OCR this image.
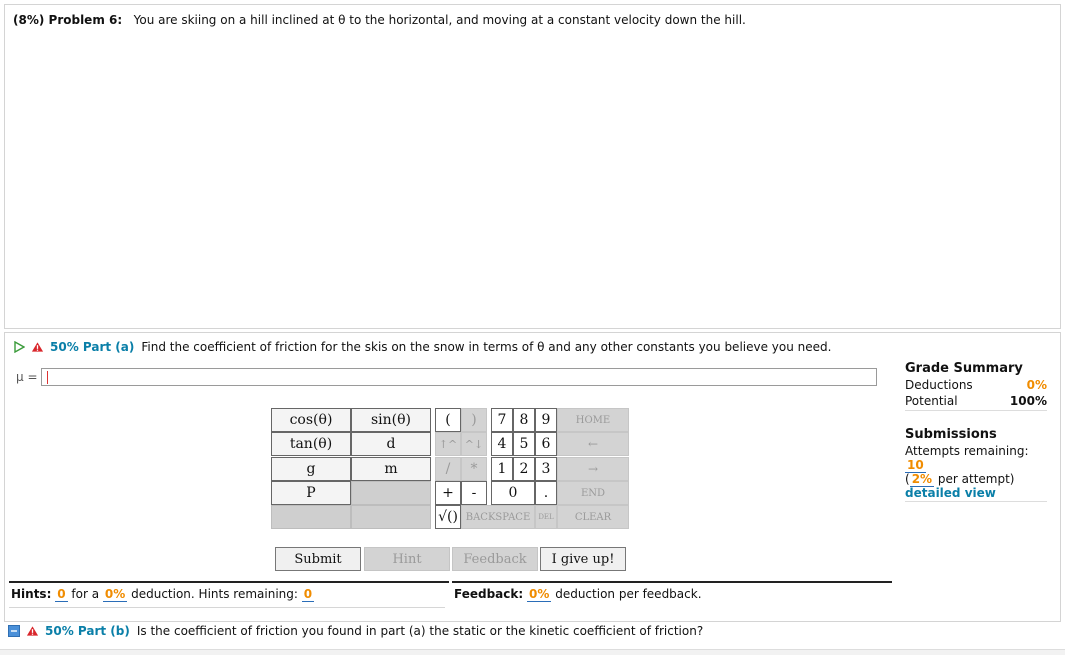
(8%) Problem 6: You are skiing on a hill inclined at θ to the horizontal, and moving at a constant velocity down the hill.
50% Part (a) Find the coefficient of friction for the skis on the snow in terms of θ and any other constants you believe you need.
μ =
cos(θ)	sin(θ)
tan(θ)	d
g	m
P
(	)
↑^ ^↓
/	*
+	-
√()
7 8 9
4 5 6
1 2 3
0	.
HOME
←
→
END
BACKSPACE	DEL	CLEAR
Submit	Hint	Feedback	I give up!
Hints: 0 for a 0% deduction. Hints remaining: 0	Feedback: 0% deduction per feedback.
Grade Summary
Deductions	0%
Potential	100%
Submissions
Attempts remaining: 10
( 2% per attempt)
detailed view
50% Part (b) Is the coefficient of friction you found in part (a) the static or the kinetic coefficient of friction?
